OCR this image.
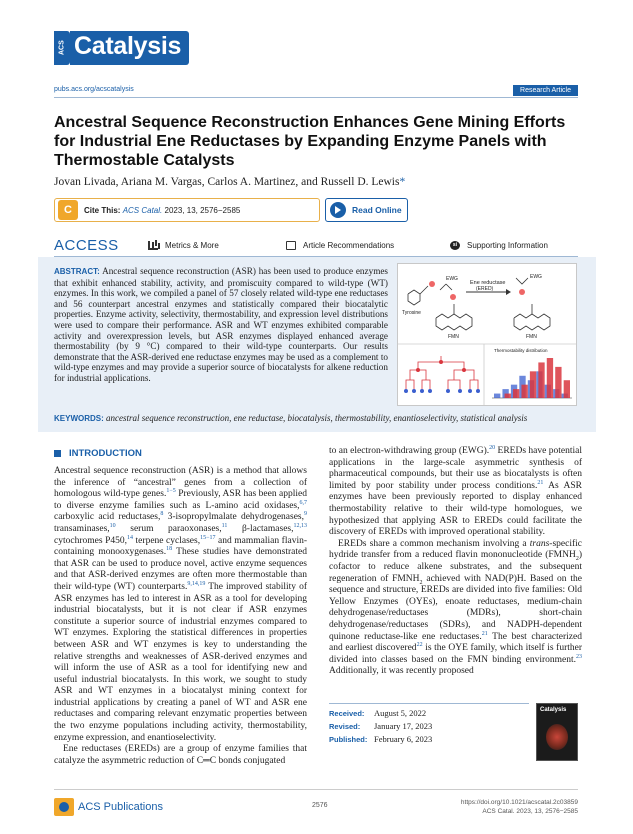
ACS Catalysis
pubs.acs.org/acscatalysis	Research Article
Ancestral Sequence Reconstruction Enhances Gene Mining Efforts for Industrial Ene Reductases by Expanding Enzyme Panels with Thermostable Catalysts
Jovan Livada, Ariana M. Vargas, Carlos A. Martinez, and Russell D. Lewis*
C	Cite This: ACS Catal. 2023, 13, 2576−2585	Read Online
ACCESS	Metrics & More	Article Recommendations	si	Supporting Information
ABSTRACT: Ancestral sequence reconstruction (ASR) has been used to produce enzymes that exhibit enhanced stability, activity, and promiscuity compared to wild-type (WT) enzymes. In this work, we compiled a panel of 57 closely related wild-type ene reductases and 56 counterpart ancestral enzymes and statistically compared their biocatalytic properties. Enzyme activity, selectivity, thermostability, and expression level distributions were used to compare their performance. ASR and WT enzymes exhibited comparable activity and overexpression levels, but ASR enzymes displayed enhanced average thermostability (by 9 °C) compared to their wild-type counterparts. Our results demonstrate that the ASR-derived ene reductase enzymes may be used as a complement to wild-type enzymes and may provide a superior source of biocatalysts for alkene reduction for industrial applications.
EWG	EWG
Tyrosine
Ene reductase
(ERED)
FMN	FMN
Thermostability distribution
KEYWORDS: ancestral sequence reconstruction, ene reductase, biocatalysis, thermostability, enantioselectivity, statistical analysis
INTRODUCTION

Ancestral sequence reconstruction (ASR) is a method that allows the inference of “ancestral” genes from a collection of homologous wild-type genes.$^{1-5}$ Previously, ASR has been applied to diverse enzyme families such as L-amino acid oxidases,$^{6,7}$ carboxylic acid reductases,$^8$ 3-isopropylmalate dehydrogenases,$^9$ transaminases,$^{10}$ serum paraoxonases,$^{11}$ β-lactamases,$^{12,13}$ cytochromes P450,14 terpene cyclases,$^{15-17}$ and mammalian flavin-containing monooxygenases.$^{18}$ These studies have demonstrated that ASR can be used to produce novel, active enzyme sequences and that ASR-derived enzymes are often more thermostable than their wild-type (WT) counterparts.$^{9,14,19}$ The improved stability of ASR enzymes has led to interest in ASR as a tool for developing industrial biocatalysts, but it is not clear if ASR enzymes constitute a superior source of industrial enzymes compared to WT enzymes. Exploring the statistical differences in properties between ASR and WT enzymes is key to understanding the relative strengths and weaknesses of ASR-derived enzymes and will inform the use of ASR as a tool for identifying new and useful industrial biocatalysts. In this work, we sought to study ASR and WT enzymes in a biocatalyst mining context for industrial applications by creating a panel of WT and ASR ene reductases and comparing relevant enzymatic properties between the two enzyme populations including activity, thermostability, enzyme expression, and enantioselectivity.

Ene reductases (EREDs) are a group of enzyme families that catalyze the asymmetric reduction of C═C bonds conjugated

to an electron-withdrawing group (EWG).$^{20}$ EREDs have potential applications in the large-scale asymmetric synthesis of pharmaceutical compounds, but their use as biocatalysts is often limited by poor stability under process conditions.$^{21}$ As ASR enzymes have been previously reported to display enhanced thermostability relative to their wild-type homologues, we hypothesized that applying ASR to EREDs could facilitate the discovery of EREDs with improved operational stability.

EREDs share a common mechanism involving a trans-specific hydride transfer from a reduced flavin mononucleotide $(FMNH_2)$ cofactor to reduce alkene substrates, and the subsequent regeneration of $FMNH_2$ achieved with NAD(P)H. Based on the sequence and structure, EREDs are divided into five families: Old Yellow Enzymes (OYEs), enoate reductases, medium-chain dehydrogenase/reductases (MDRs), short-chain dehydrogenase/reductases (SDRs), and NADPH-dependent quinone reductase-like ene reductases.$^{21}$ The best characterized and earliest discovered$^{22}$ is the OYE family, which itself is further divided into classes based on the FMN binding environment.$^{23}$ Additionally, it was recently proposed

Received:	August 5, 2022
Revised:	January 17, 2023
Published: February 6, 2023
Catalysis
ACS Publications	2576	https://doi.org/10.1021/acscatal.2c03859
ACS Catal. 2023, 13, 2576−2585
